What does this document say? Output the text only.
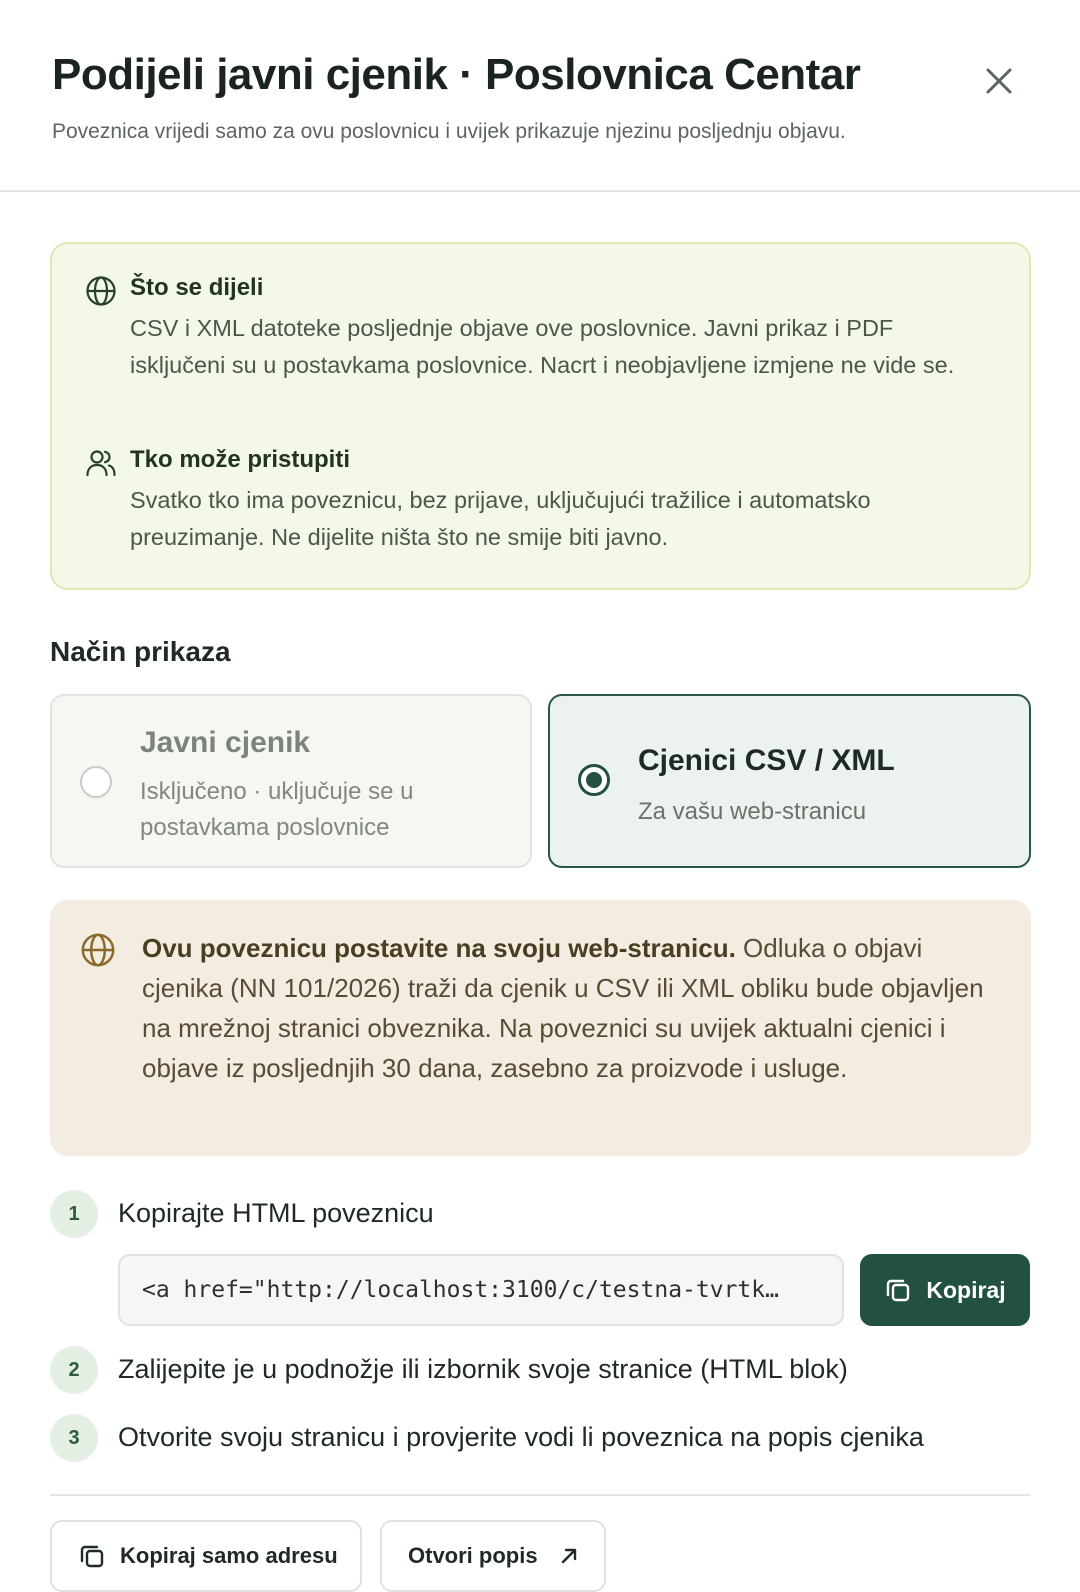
Podijeli javni cjenik · Poslovnica Centar
Poveznica vrijedi samo za ovu poslovnicu i uvijek prikazuje njezinu posljednju objavu.
Što se dijeli
CSV i XML datoteke posljednje objave ove poslovnice. Javni prikaz i PDF isključeni su u postavkama poslovnice. Nacrt i neobjavljene izmjene ne vide se.
Tko može pristupiti
Svatko tko ima poveznicu, bez prijave, uključujući tražilice i automatsko preuzimanje. Ne dijelite ništa što ne smije biti javno.
Način prikaza
Javni cjenik
Isključeno · uključuje se u postavkama poslovnice
Cjenici CSV / XML
Za vašu web-stranicu
Ovu poveznicu postavite na svoju web-stranicu. Odluka o objavi cjenika (NN 101/2026) traži da cjenik u CSV ili XML obliku bude objavljen na mrežnoj stranici obveznika. Na poveznici su uvijek aktualni cjenici i objave iz posljednjih 30 dana, zasebno za proizvode i usluge.
1	Kopirajte HTML poveznicu
<a href="http://localhost:3100/c/testna-tvrtk…	Kopiraj
2	Zalijepite je u podnožje ili izbornik svoje stranice (HTML blok)
3	Otvorite svoju stranicu i provjerite vodi li poveznica na popis cjenika
Kopiraj samo adresu	Otvori popis
